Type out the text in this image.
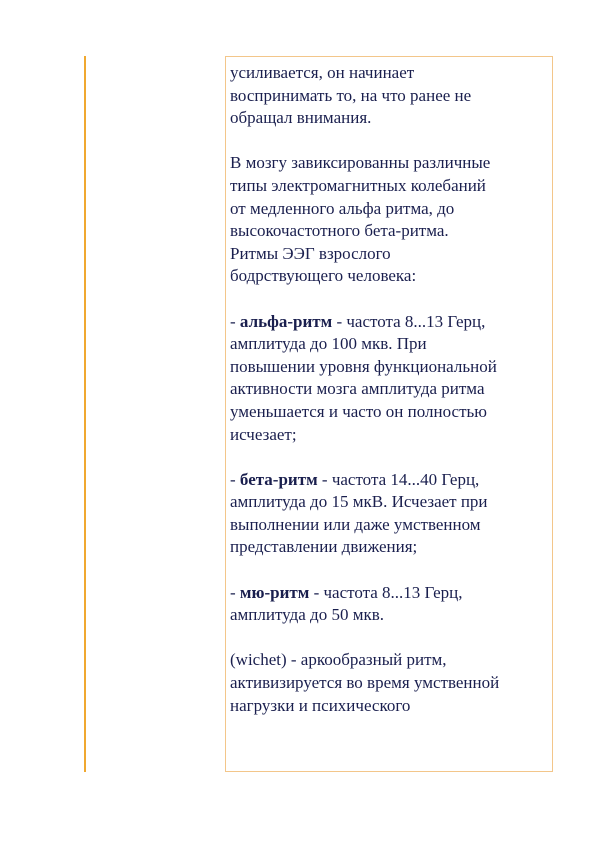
усиливается, он начинает
воспринимать то, на что ранее не
обращал внимания.

В мозгу завиксированны различные
типы электромагнитных колебаний
от медленного альфа ритма, до
высокочастотного бета-ритма.
Ритмы ЭЭГ взрослого
бодрствующего человека:

- альфа-ритм - частота 8...13 Герц,
амплитуда до 100 мкв. При
повышении уровня функциональной
активности мозга амплитуда ритма
уменьшается и часто он полностью
исчезает;

- бета-ритм - частота 14...40 Герц,
амплитуда до 15 мкВ. Исчезает при
выполнении или даже умственном
представлении движения;

- мю-ритм - частота 8...13 Герц,
амплитуда до 50 мкв.

(wichet) - аркообразный ритм,
активизируется во время умственной
нагрузки и психического
